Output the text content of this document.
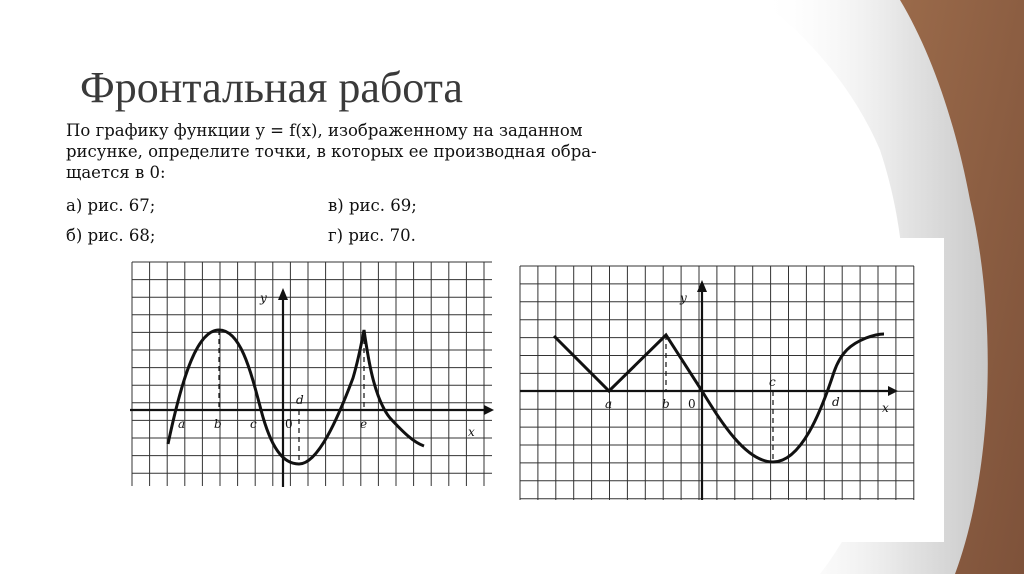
Фронтальная работа
По графику функции y = f(x), изображенному на заданном
рисунке, определите точки, в которых ее производная обра-
щается в 0:
а) рис. 67;
б) рис. 68;
в) рис. 69;
г) рис. 70.
a b c 0
d
e
x
y
a	b 0
c
d	x
y
